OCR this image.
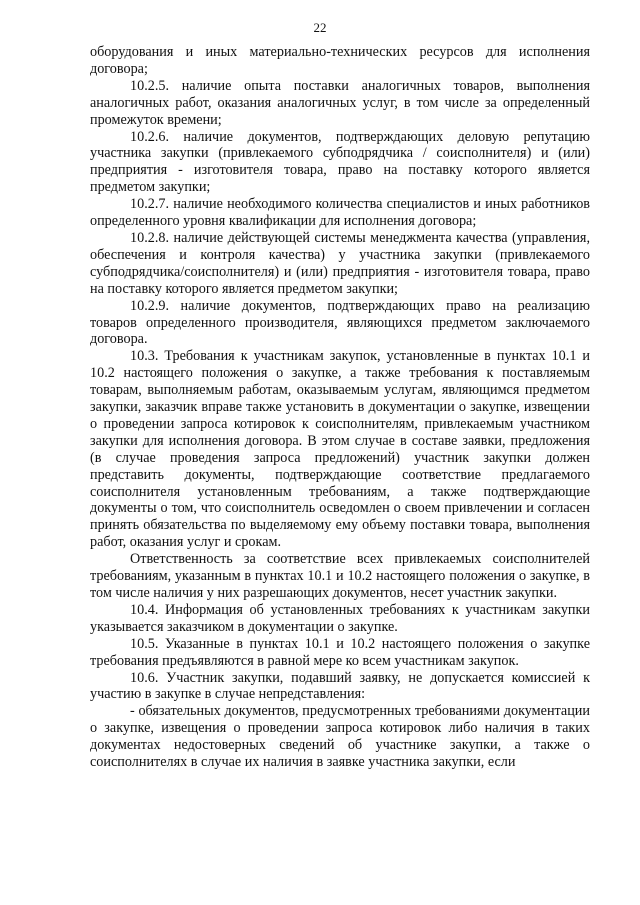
22

оборудования и иных материально-технических ресурсов для исполнения договора;

10.2.5. наличие опыта поставки аналогичных товаров, выполнения аналогичных работ, оказания аналогичных услуг, в том числе за определенный промежуток времени;

10.2.6. наличие документов, подтверждающих деловую репутацию участника закупки (привлекаемого субподрядчика / соисполнителя) и (или) предприятия - изготовителя товара, право на поставку которого является предметом закупки;

10.2.7. наличие необходимого количества специалистов и иных работников определенного уровня квалификации для исполнения договора;

10.2.8. наличие действующей системы менеджмента качества (управления, обеспечения и контроля качества) у участника закупки (привлекаемого субподрядчика/соисполнителя) и (или) предприятия - изготовителя товара, право на поставку которого является предметом закупки;

10.2.9. наличие документов, подтверждающих право на реализацию товаров определенного производителя, являющихся предметом заключаемого договора.

10.3. Требования к участникам закупок, установленные в пунктах 10.1 и 10.2 настоящего положения о закупке, а также требования к поставляемым товарам, выполняемым работам, оказываемым услугам, являющимся предметом закупки, заказчик вправе также установить в документации о закупке, извещении о проведении запроса котировок к соисполнителям, привлекаемым участником закупки для исполнения договора. В этом случае в составе заявки, предложения (в случае проведения запроса предложений) участник закупки должен представить документы, подтверждающие соответствие предлагаемого соисполнителя установленным требованиям, а также подтверждающие документы о том, что соисполнитель осведомлен о своем привлечении и согласен принять обязательства по выделяемому ему объему поставки товара, выполнения работ, оказания услуг и срокам.

Ответственность за соответствие всех привлекаемых соисполнителей требованиям, указанным в пунктах 10.1 и 10.2 настоящего положения о закупке, в том числе наличия у них разрешающих документов, несет участник закупки.

10.4. Информация об установленных требованиях к участникам закупки указывается заказчиком в документации о закупке.

10.5. Указанные в пунктах 10.1 и 10.2 настоящего положения о закупке требования предъявляются в равной мере ко всем участникам закупок.

10.6. Участник закупки, подавший заявку, не допускается комиссией к участию в закупке в случае непредставления:

- обязательных документов, предусмотренных требованиями документации о закупке, извещения о проведении запроса котировок либо наличия в таких документах недостоверных сведений об участнике закупки, а также о соисполнителях в случае их наличия в заявке участника закупки, если
